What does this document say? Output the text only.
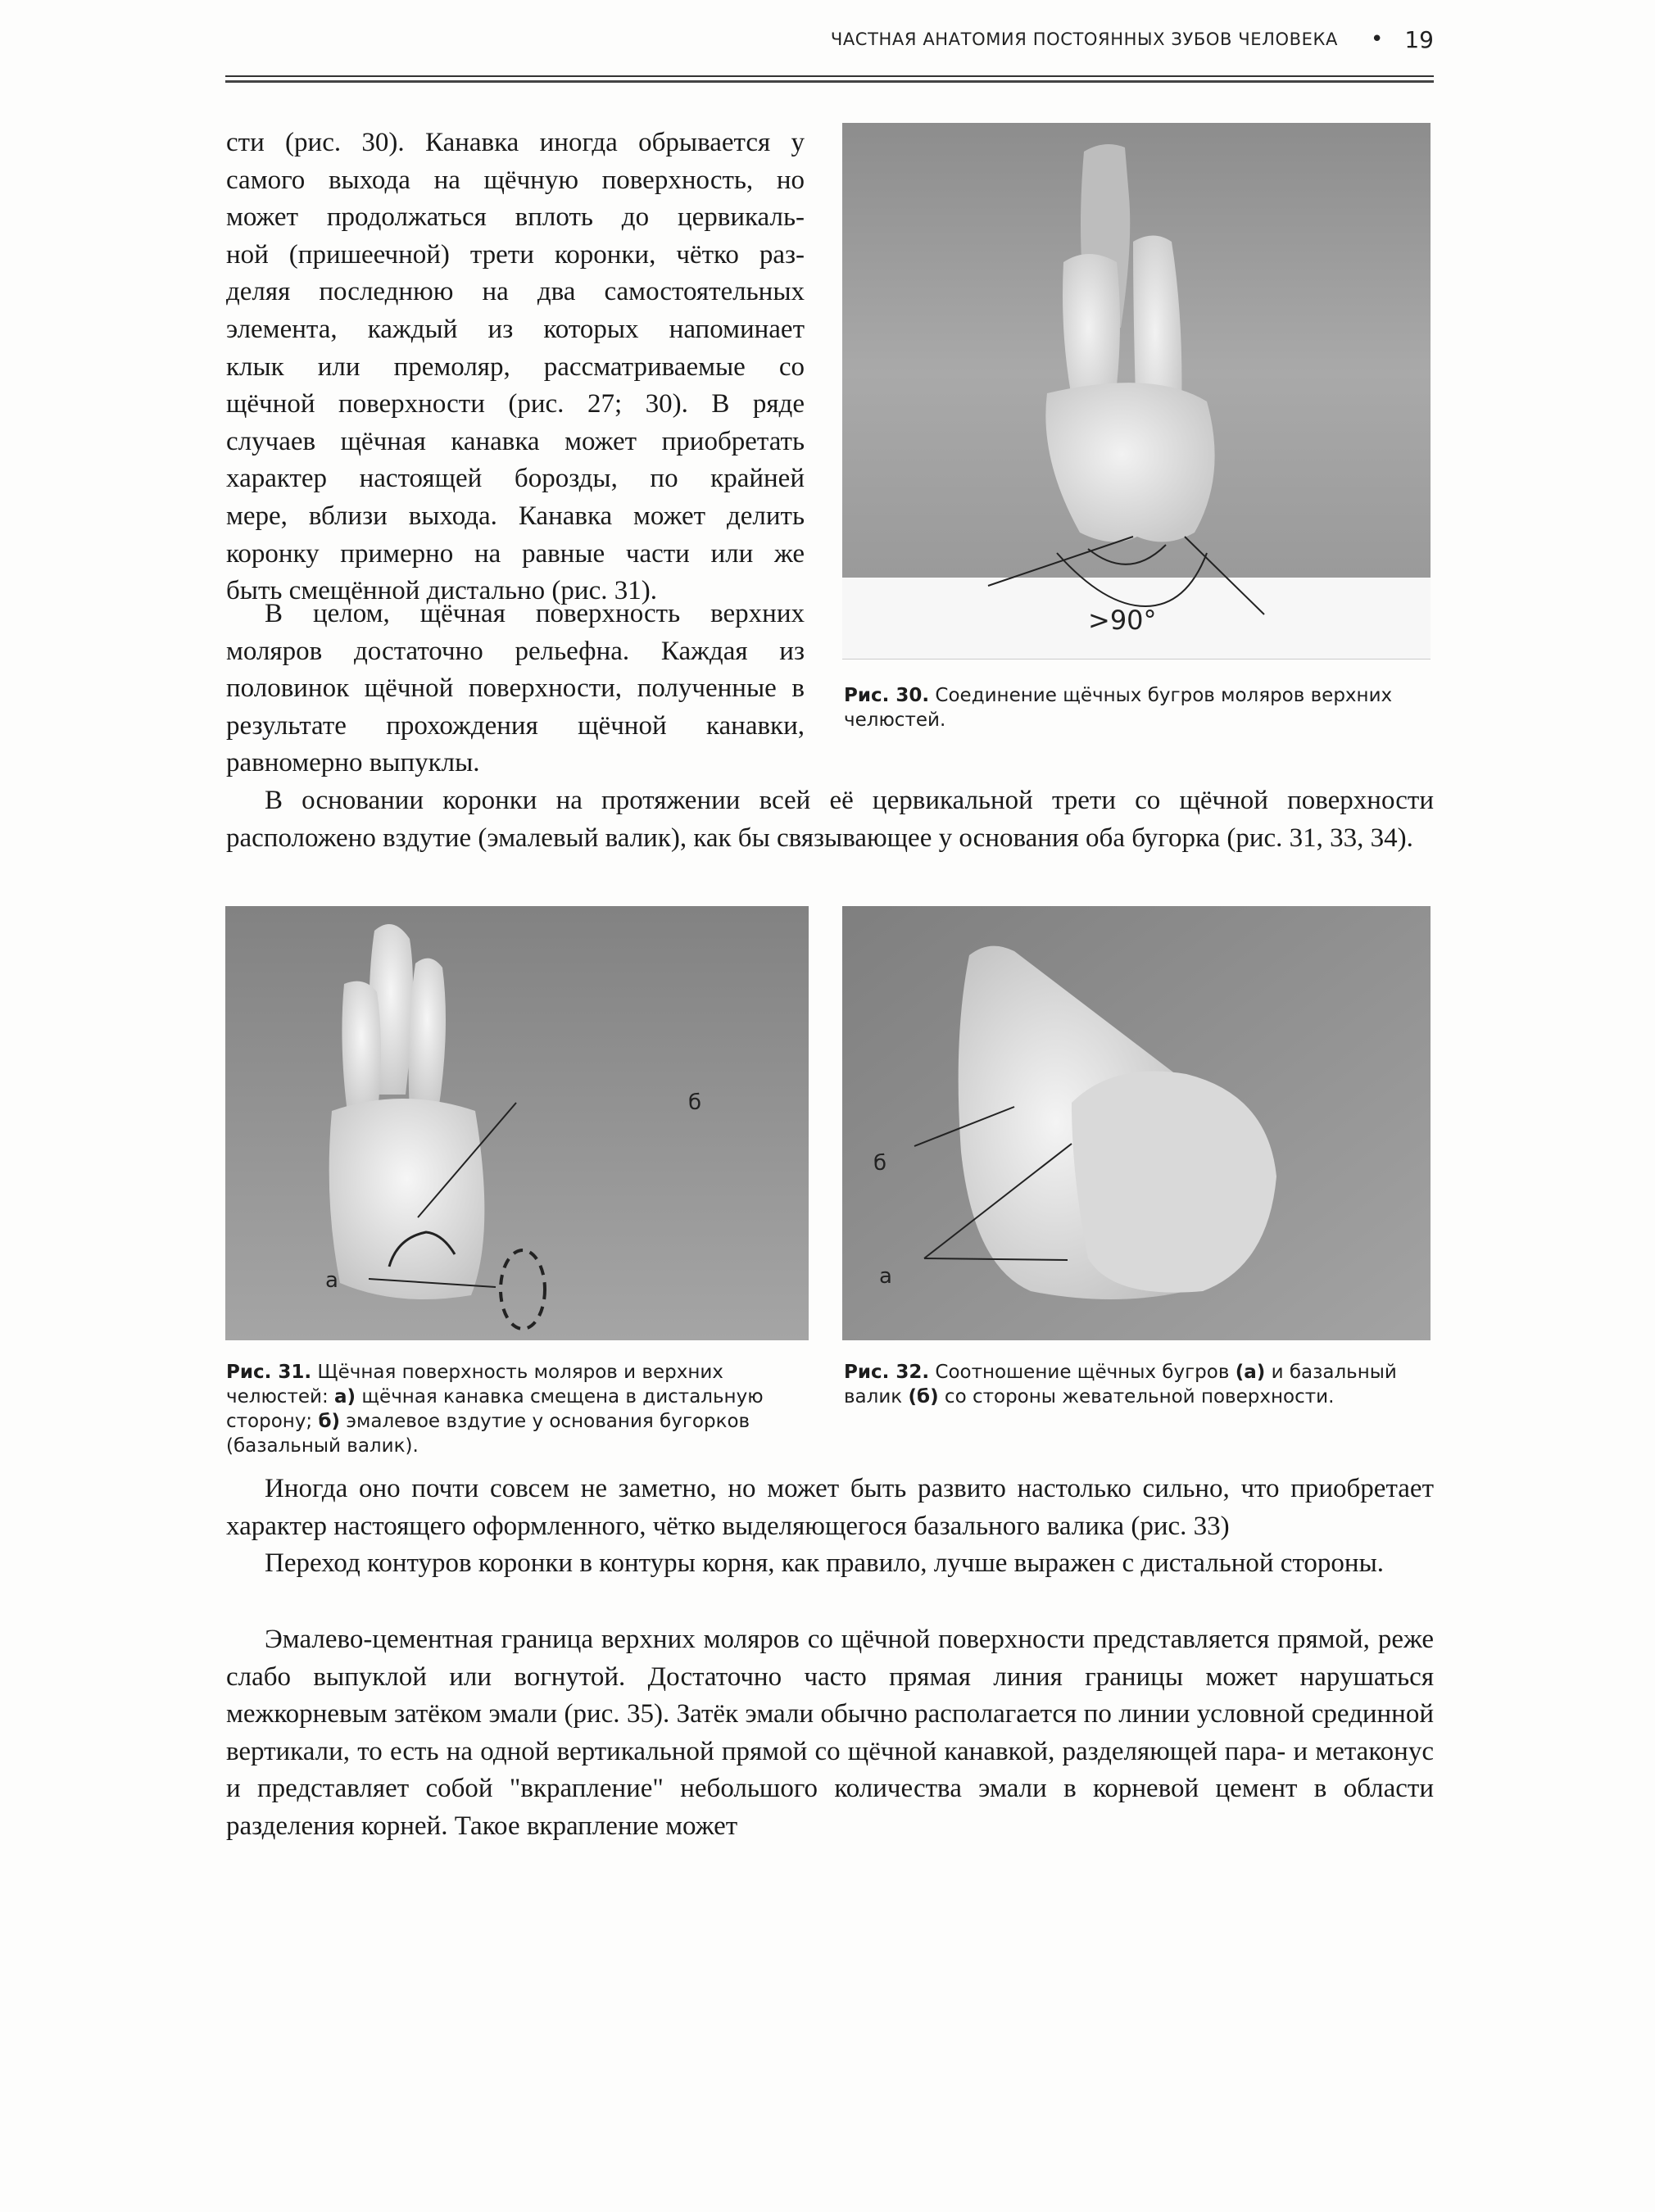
ЧАСТНАЯ АНАТОМИЯ ПОСТОЯННЫХ ЗУБОВ ЧЕЛОВЕКА • 19
сти (рис. 30). Канавка иногда обрывается у
самого выхода на щёчную поверхность, но
может продолжаться вплоть до цервикаль-
ной (пришеечной) трети коронки, чётко раз-
деляя последнюю на два самостоятельных
элемента, каждый из которых напоминает
клык или премоляр, рассматриваемые со
щёчной поверхности (рис. 27; 30). В ряде
случаев щёчная канавка может приобретать
характер настоящей борозды, по крайней
мере, вблизи выхода. Канавка может делить
коронку примерно на равные части или же
быть смещённой дистально (рис. 31).

В целом, щёчная поверхность верхних моляров достаточно рельефна. Каждая из половинок щёчной поверхности, полученные в результате прохождения щёчной канавки, равномерно выпуклы.

>90°

Рис. 30. Соединение щёчных бугров моляров верхних челюстей.

В основании коронки на протяжении всей её цервикальной трети со щёчной поверхности расположено вздутие (эмалевый валик), как бы связывающее у основания оба бугорка (рис. 31, 33, 34).

б
а

Рис. 31. Щёчная поверхность моляров и верхних челюстей: а) щёчная канавка смещена в дистальную сторону; б) эмалевое вздутие у основания бугорков (базальный валик).

б
а

Рис. 32. Соотношение щёчных бугров (а) и базальный валик (б) со стороны жевательной поверхности.

Иногда оно почти совсем не заметно, но может быть развито настолько сильно, что приобретает характер настоящего оформленного, чётко выделяющегося базального валика (рис. 33)

Переход контуров коронки в контуры корня, как правило, лучше выражен с дистальной стороны.

Эмалево-цементная граница верхних моляров со щёчной поверхности представляется прямой, реже слабо выпуклой или вогнутой. Достаточно часто прямая линия границы может нарушаться межкорневым затёком эмали (рис. 35). Затёк эмали обычно располагается по линии условной срединной вертикали, то есть на одной вертикальной прямой со щёчной канавкой, разделяющей пара- и метаконус и представляет собой "вкрапление" небольшого количества эмали в корневой цемент в области разделения корней. Такое вкрапление может
